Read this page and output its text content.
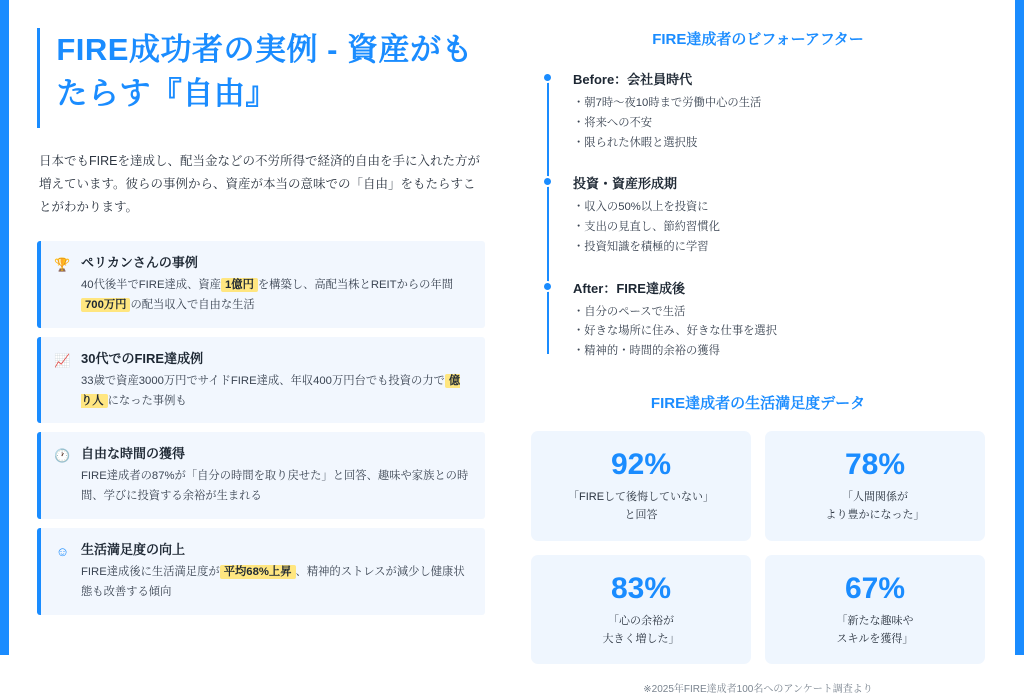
FIRE成功者の実例 - 資産がもたらす『自由』

日本でもFIREを達成し、配当金などの不労所得で経済的自由を手に入れた方が増えています。彼らの事例から、資産が本当の意味での「自由」をもたらすことがわかります。

🏆 ペリカンさんの事例
40代後半でFIRE達成、資産 1億円 を構築し、高配当株とREITからの年間700万円 の配当収入で自由な生活
📈 30代でのFIRE達成例
33歳で資産3000万円でサイドFIRE達成、年収400万円台でも投資の力で 億り人 になった事例も
🕐 自由な時間の獲得
FIRE達成者の87%が「自分の時間を取り戻せた」と回答、趣味や家族との時間、学びに投資する余裕が生まれる
☺ 生活満足度の向上
FIRE達成後に生活満足度が 平均68%上昇 、精神的ストレスが減少し健康状態も改善する傾向
FIRE達成者のビフォーアフター
Before：会社員時代
・朝7時〜夜10時まで労働中心の生活
・将来への不安
・限られた休暇と選択肢
投資・資産形成期
・収入の50%以上を投資に
・支出の見直し、節約習慣化
・投資知識を積極的に学習
After：FIRE達成後
・自分のペースで生活
・好きな場所に住み、好きな仕事を選択
・精神的・時間的余裕の獲得
FIRE達成者の生活満足度データ
92%
「FIREして後悔していない」
と回答
78%
「人間関係が
より豊かになった」
83%
「心の余裕が
大きく増した」
67%
「新たな趣味や
スキルを獲得」
※2025年FIRE達成者100名へのアンケート調査より
